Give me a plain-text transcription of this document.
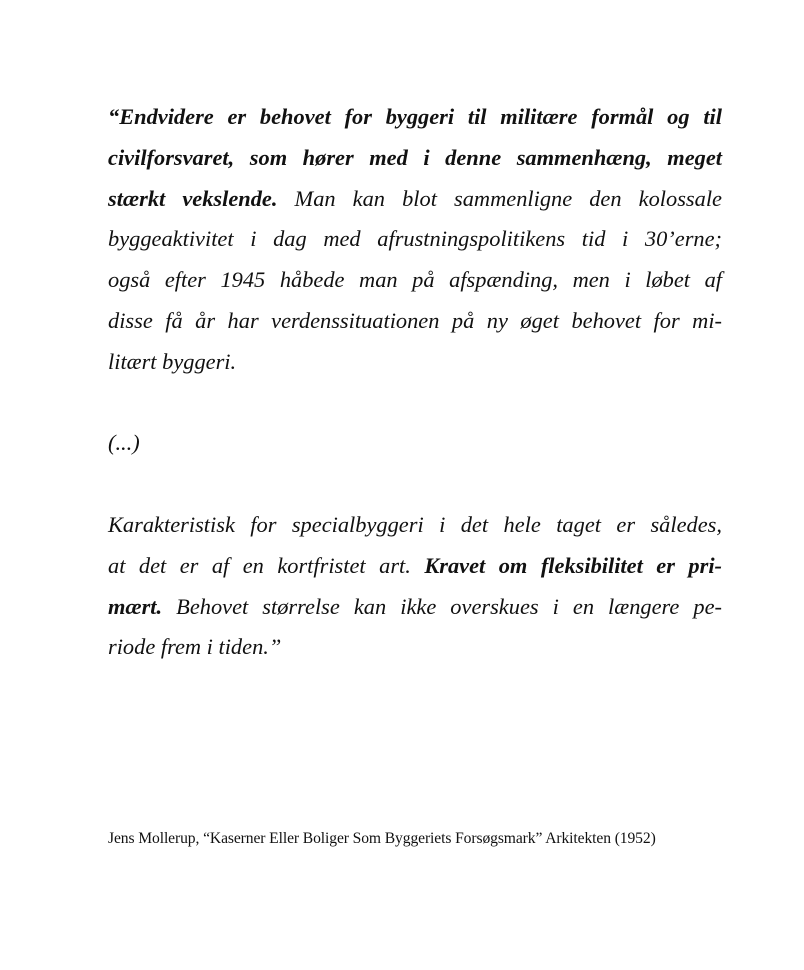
“Endvidere er behovet for byggeri til militære formål og til
civilforsvaret, som hører med i denne sammenhæng, meget
stærkt vekslende. Man kan blot sammenligne den kolossale
byggeaktivitet i dag med afrustningspolitikens tid i 30’erne;
også efter 1945 håbede man på afspænding, men i løbet af
disse få år har verdenssituationen på ny øget behovet for mi-
litært byggeri.
(...)
Karakteristisk for specialbyggeri i det hele taget er således,
at det er af en kortfristet art. Kravet om fleksibilitet er pri-
mært. Behovet størrelse kan ikke overskues i en længere pe-
riode frem i tiden.”
Jens Mollerup, “Kaserner Eller Boliger Som Byggeriets Forsøgsmark” Arkitekten (1952)
